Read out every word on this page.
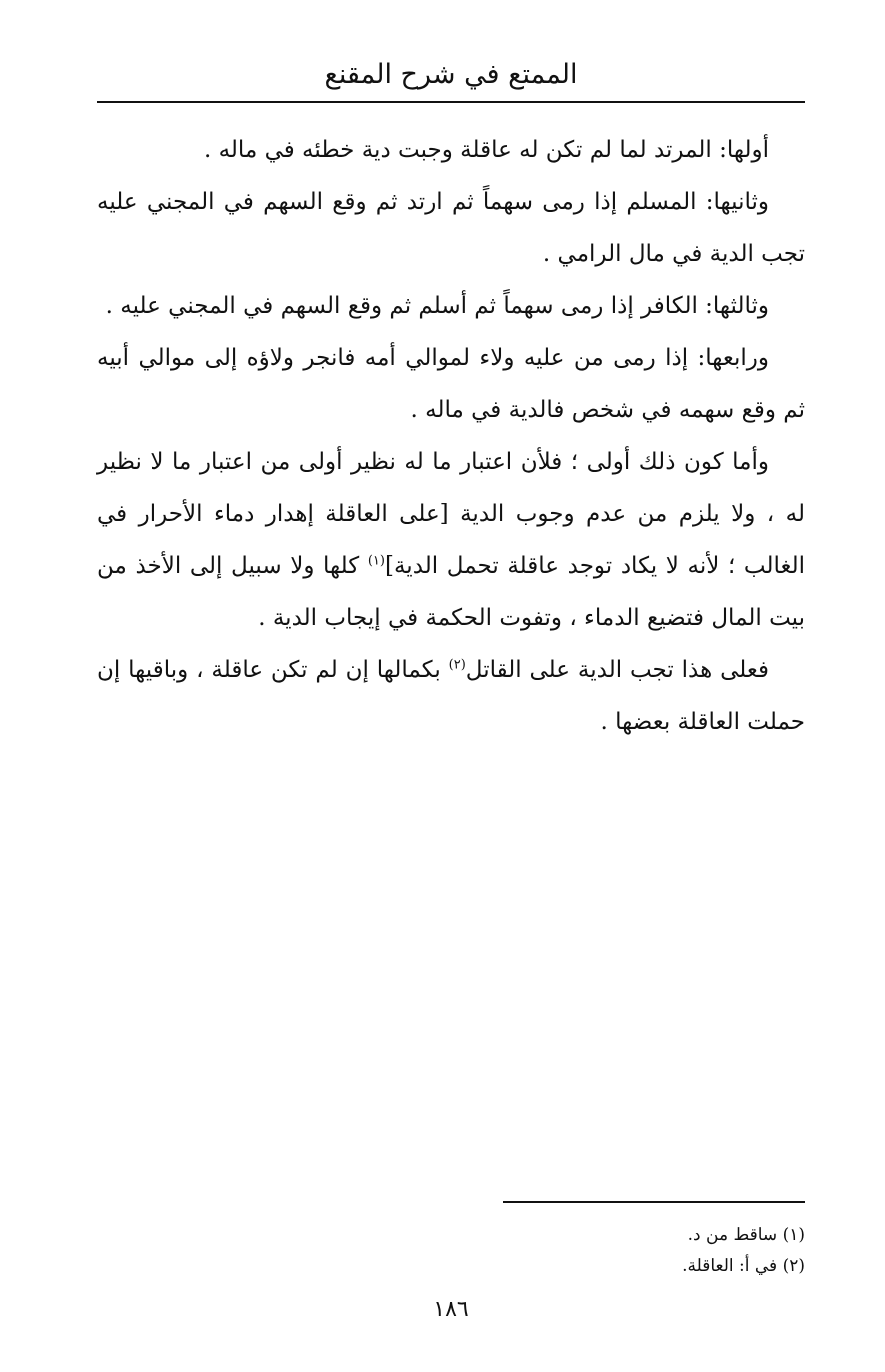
الممتع في شرح المقنع

أولها: المرتد لما لم تكن له عاقلة وجبت دية خطئه في ماله .

وثانيها: المسلم إذا رمى سهماً ثم ارتد ثم وقع السهم في المجني عليه تجب الدية في مال الرامي .

وثالثها: الكافر إذا رمى سهماً ثم أسلم ثم وقع السهم في المجني عليه .

ورابعها: إذا رمى من عليه ولاء لموالي أمه فانجر ولاؤه إلى موالي أبيه ثم وقع سهمه في شخص فالدية في ماله .

وأما كون ذلك أولى ؛ فلأن اعتبار ما له نظير أولى من اعتبار ما لا نظير له ، ولا يلزم من عدم وجوب الدية [على العاقلة إهدار دماء الأحرار في الغالب ؛ لأنه لا يكاد توجد عاقلة تحمل الدية]$^{(١)}$ كلها ولا سبيل إلى الأخذ من بيت المال فتضيع الدماء ، وتفوت الحكمة في إيجاب الدية .

فعلى هذا تجب الدية على القاتل$^{(٢)}$ بكمالها إن لم تكن عاقلة ، وباقيها إن حملت العاقلة بعضها .

(١) ساقط من د.

(٢) في أ: العاقلة.

١٨٦
